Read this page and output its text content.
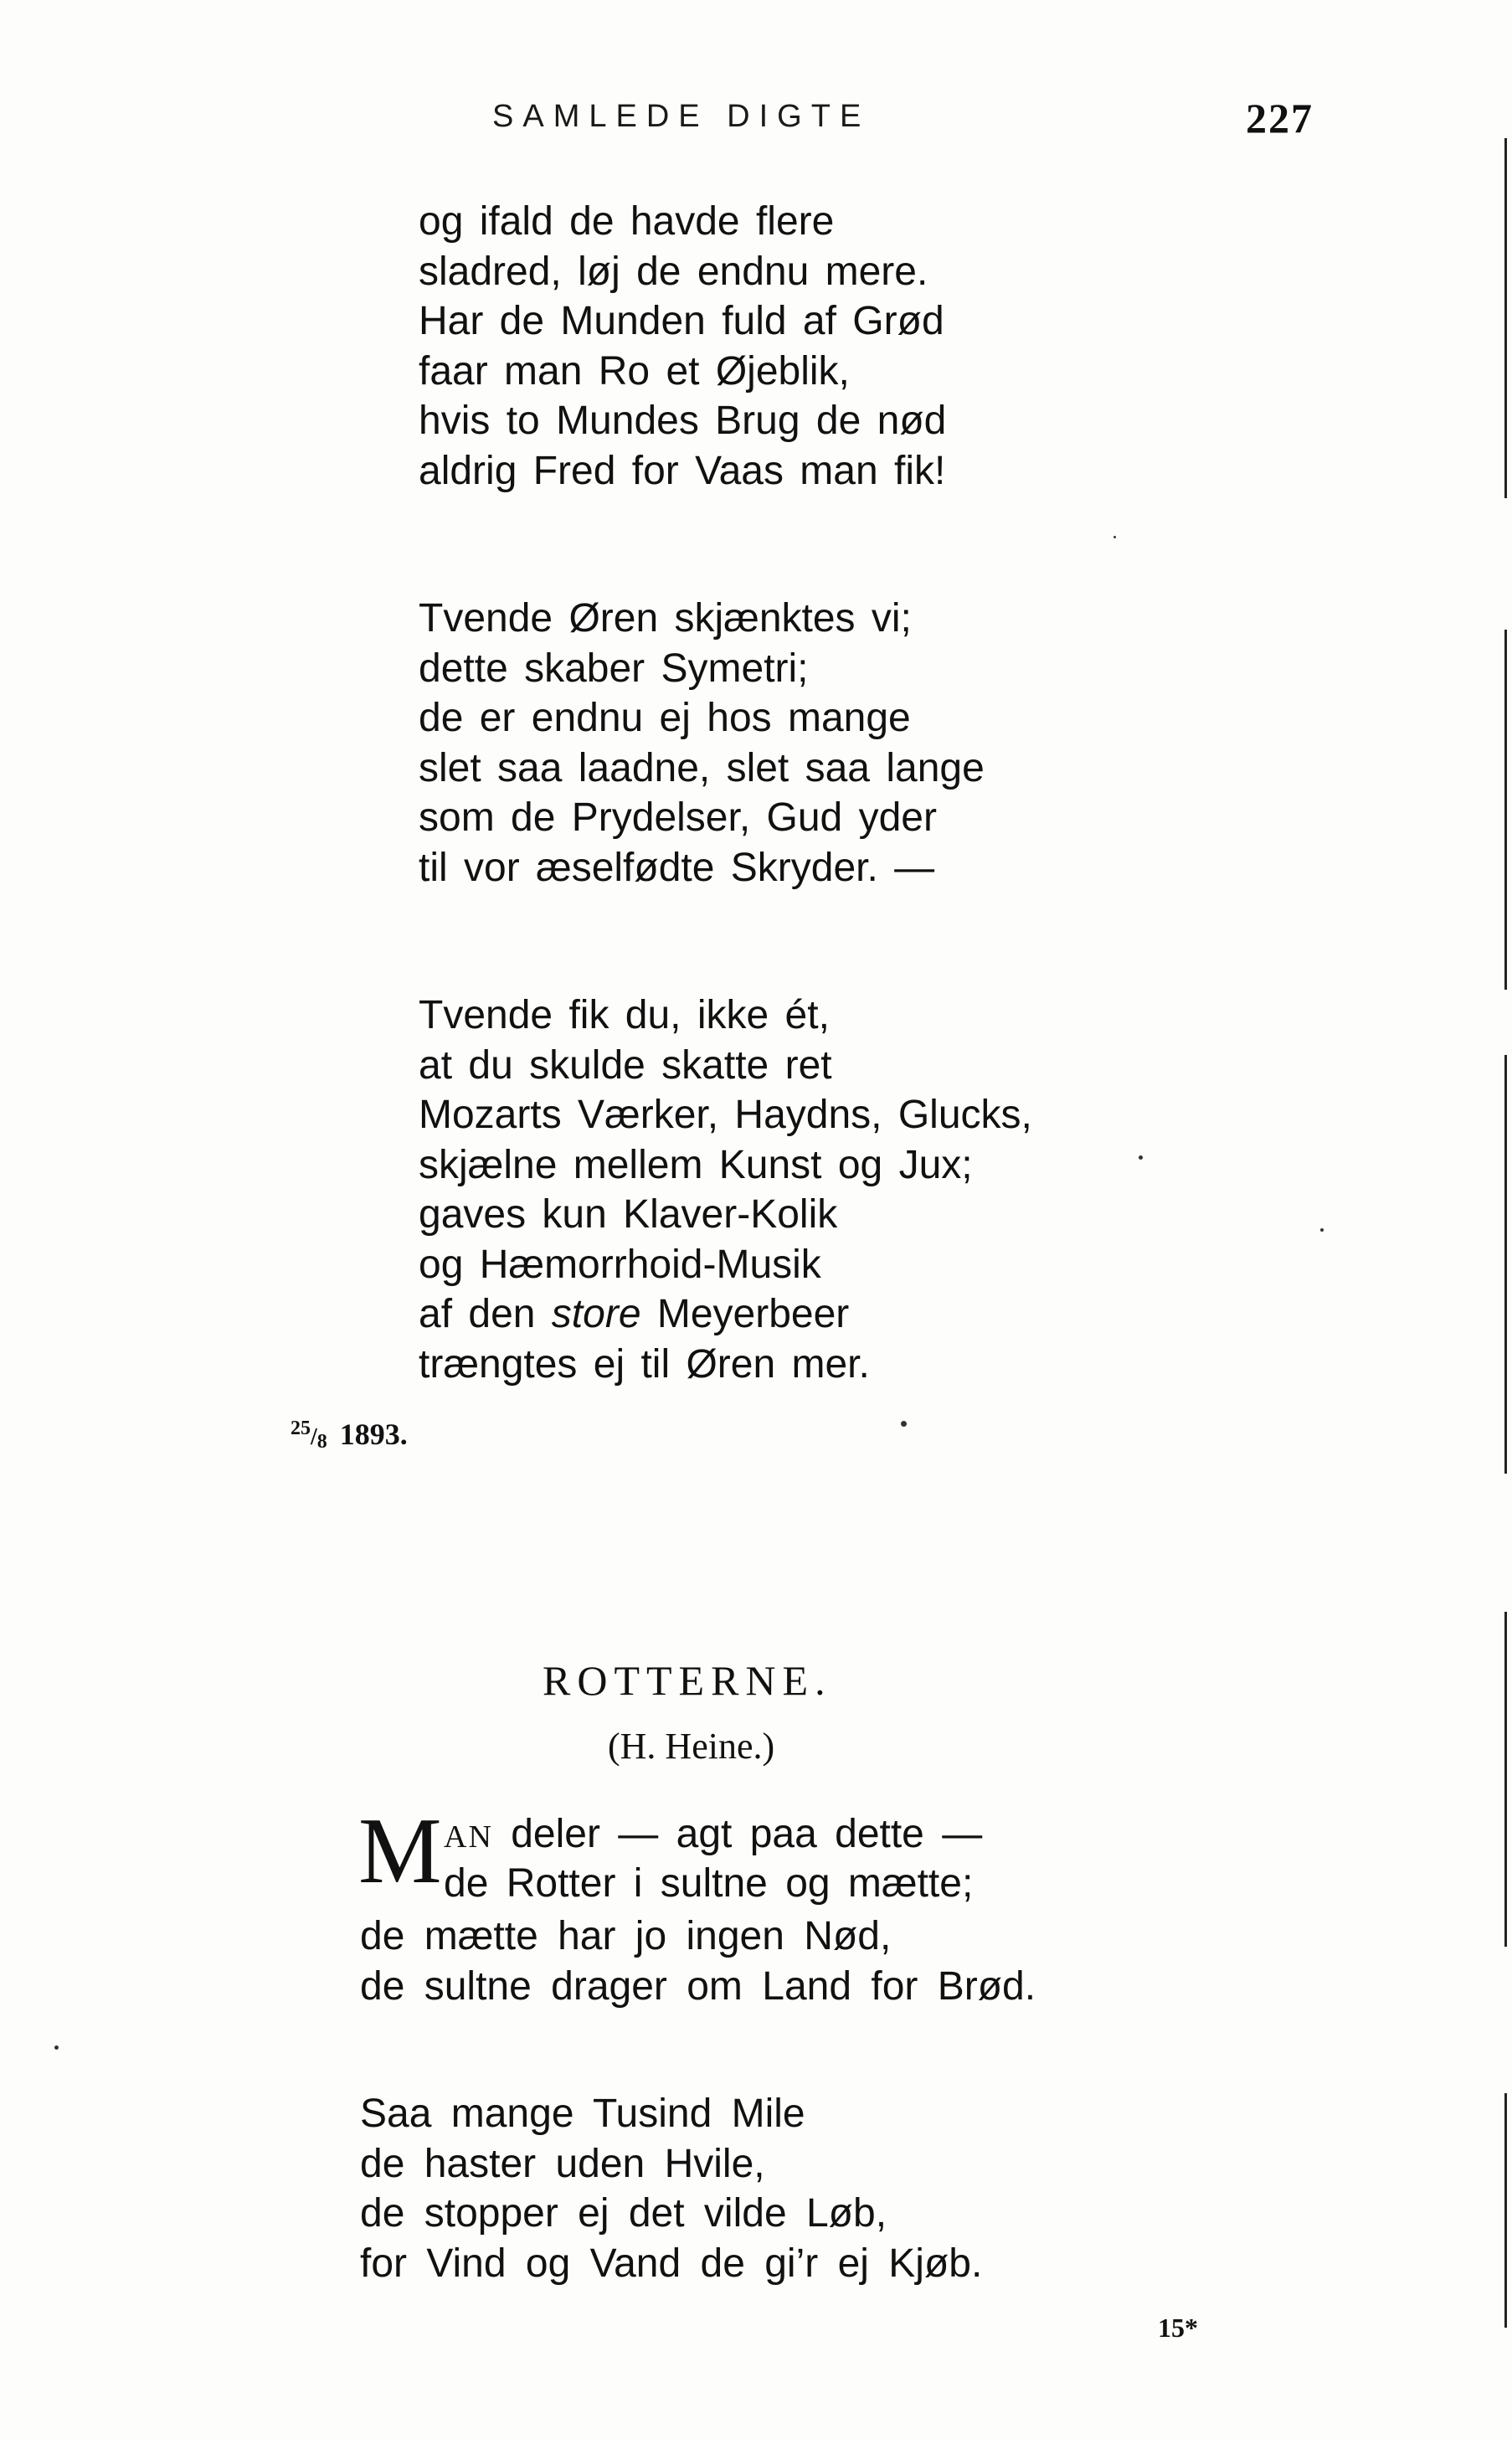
SAMLEDE DIGTE	227
og ifald de havde flere
sladred, løj de endnu mere.
Har de Munden fuld af Grød
faar man Ro et Øjeblik,
hvis to Mundes Brug de nød
aldrig Fred for Vaas man fik!
Tvende Øren skjænktes vi;
dette skaber Symetri;
de er endnu ej hos mange
slet saa laadne, slet saa lange
som de Prydelser, Gud yder
til vor æselfødte Skryder. —
Tvende fik du, ikke ét,
at du skulde skatte ret
Mozarts Værker, Haydns, Glucks,
skjælne mellem Kunst og Jux;
gaves kun Klaver-Kolik
og Hæmorrhoid-Musik
af den store Meyerbeer
trængtes ej til Øren mer.
$^{25}$/8 1893.
ROTTERNE.
(H. Heine.)
M AN deler — agt paa dette —
de Rotter i sultne og mætte;
de mætte har jo ingen Nød,
de sultne drager om Land for Brød.
Saa mange Tusind Mile
de haster uden Hvile,
de stopper ej det vilde Løb,
for Vind og Vand de gi’r ej Kjøb.
15*
